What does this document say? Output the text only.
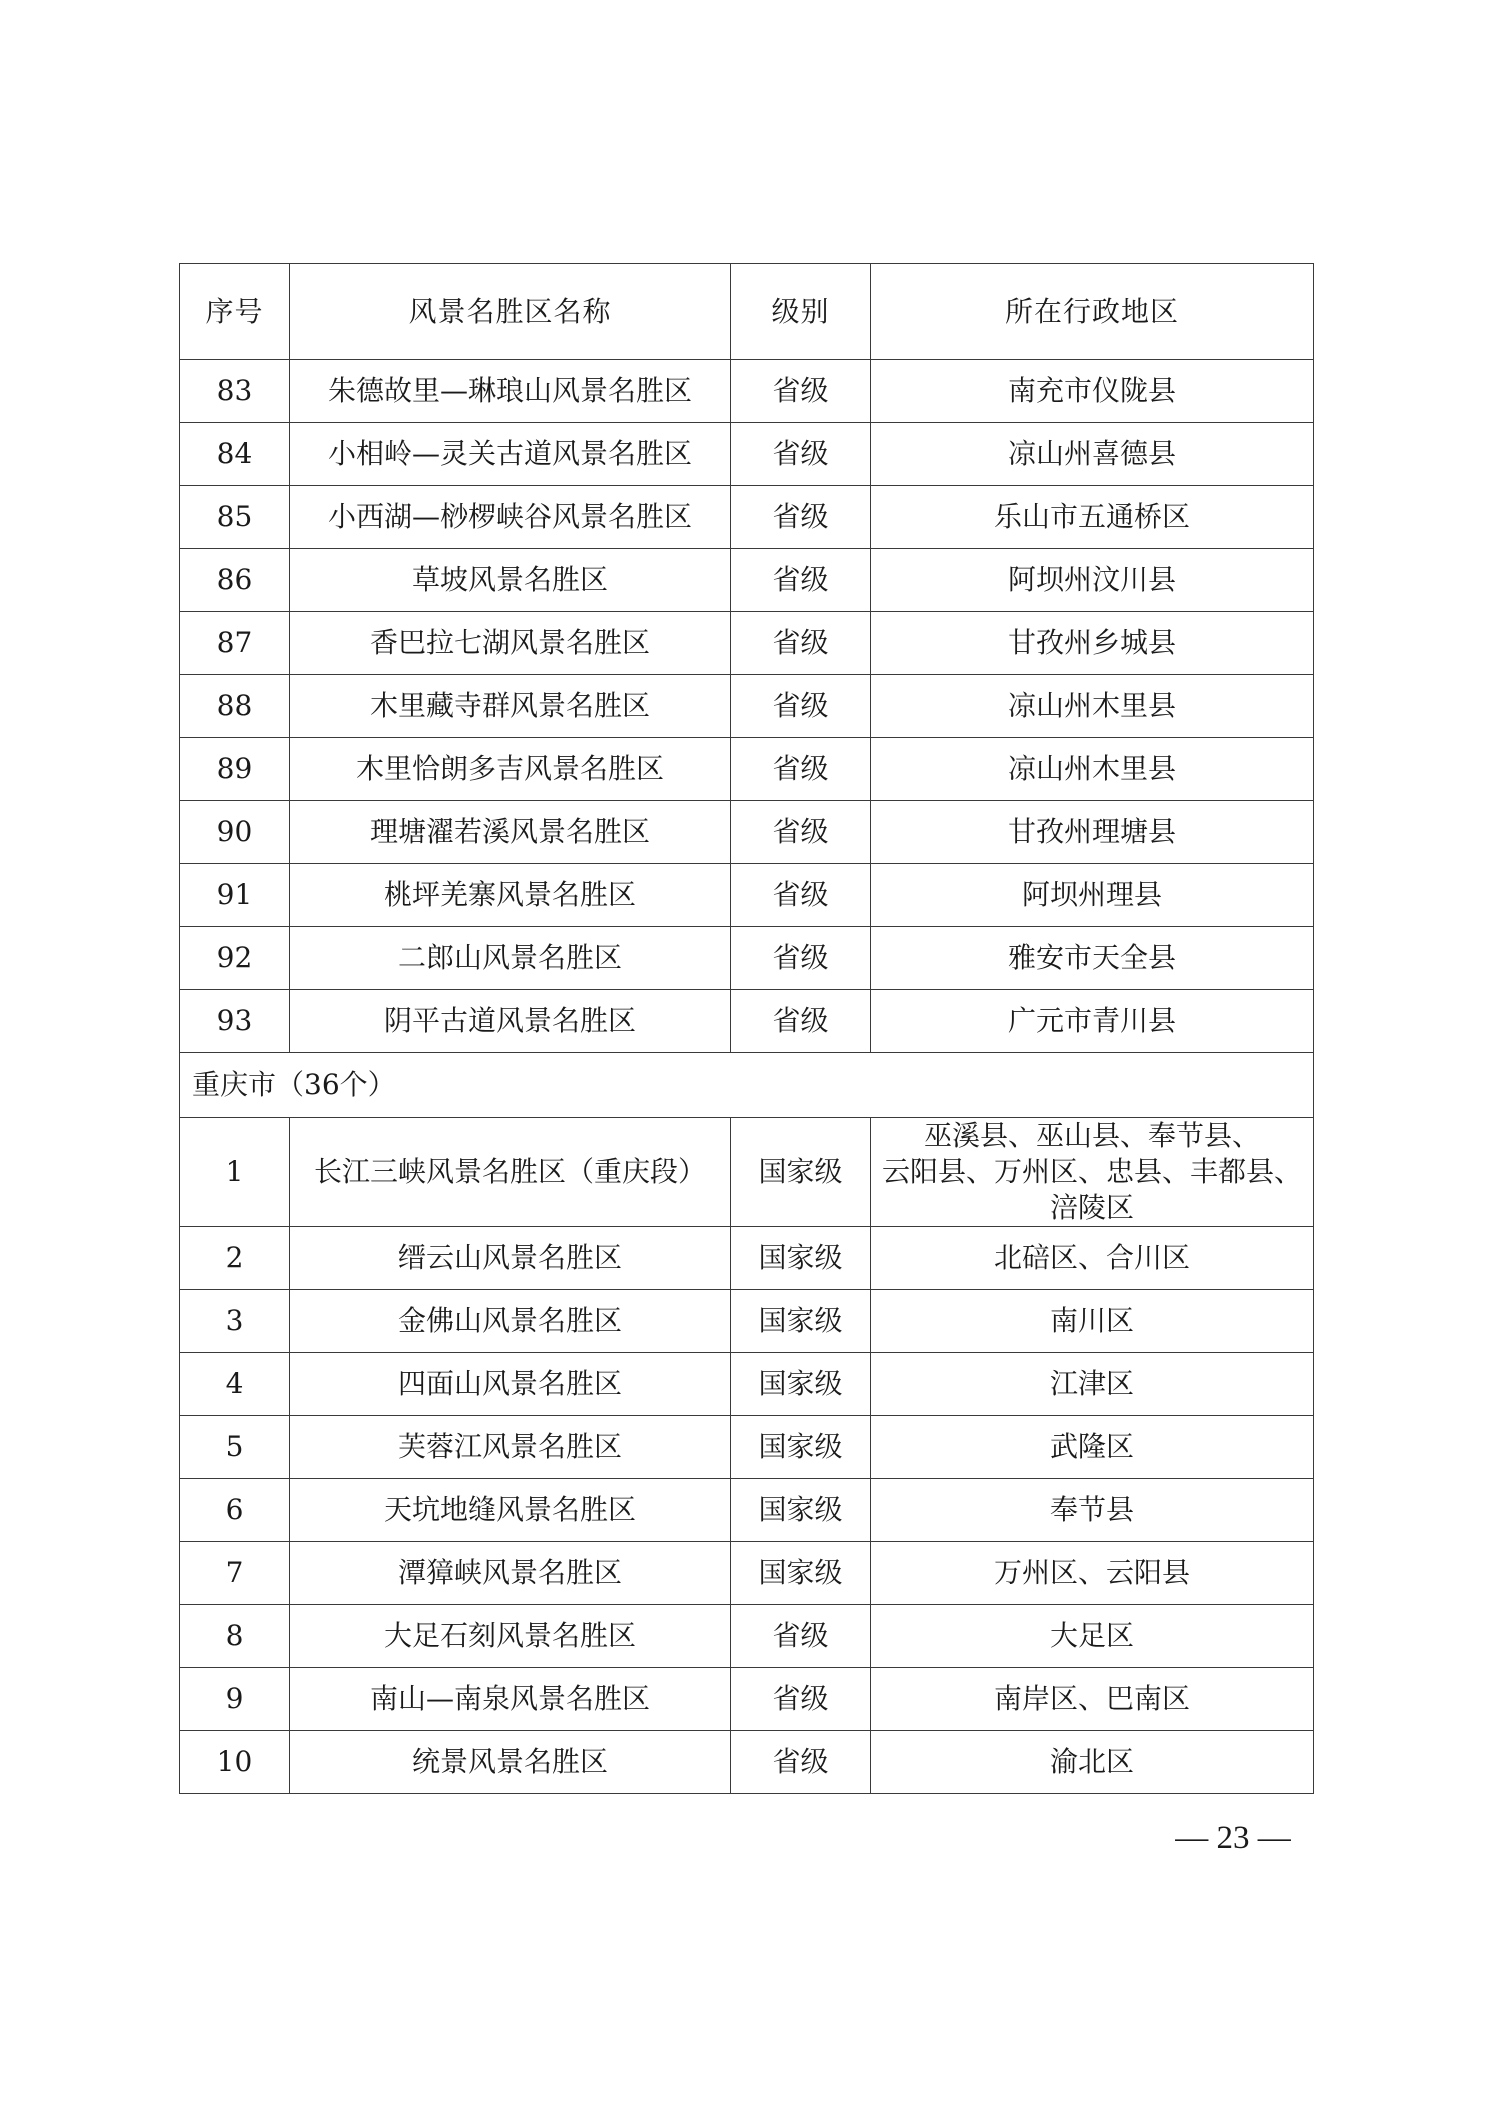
序号	风景名胜区名称	级别	所在行政地区
83	朱德故里—琳琅山风景名胜区	省级	南充市仪陇县
84	小相岭—灵关古道风景名胜区	省级	凉山州喜德县
85	小西湖—桫椤峡谷风景名胜区	省级	乐山市五通桥区
86	草坡风景名胜区	省级	阿坝州汶川县
87	香巴拉七湖风景名胜区	省级	甘孜州乡城县
88	木里藏寺群风景名胜区	省级	凉山州木里县
89	木里恰朗多吉风景名胜区	省级	凉山州木里县
90	理塘濯若溪风景名胜区	省级	甘孜州理塘县
91	桃坪羌寨风景名胜区	省级	阿坝州理县
92	二郎山风景名胜区	省级	雅安市天全县
93	阴平古道风景名胜区	省级	广元市青川县
重庆市（36个）			
1	长江三峡风景名胜区（重庆段）	国家级	巫溪县、巫山县、奉节县、
云阳县、万州区、忠县、丰都县、
涪陵区

2	缙云山风景名胜区	国家级	北碚区、合川区
3	金佛山风景名胜区	国家级	南川区
4	四面山风景名胜区	国家级	江津区
5	芙蓉江风景名胜区	国家级	武隆区
6	天坑地缝风景名胜区	国家级	奉节县
7	潭獐峡风景名胜区	国家级	万州区、云阳县
8	大足石刻风景名胜区	省级	大足区
9	南山—南泉风景名胜区	省级	南岸区、巴南区
10	统景风景名胜区	省级	渝北区
— 23 —
